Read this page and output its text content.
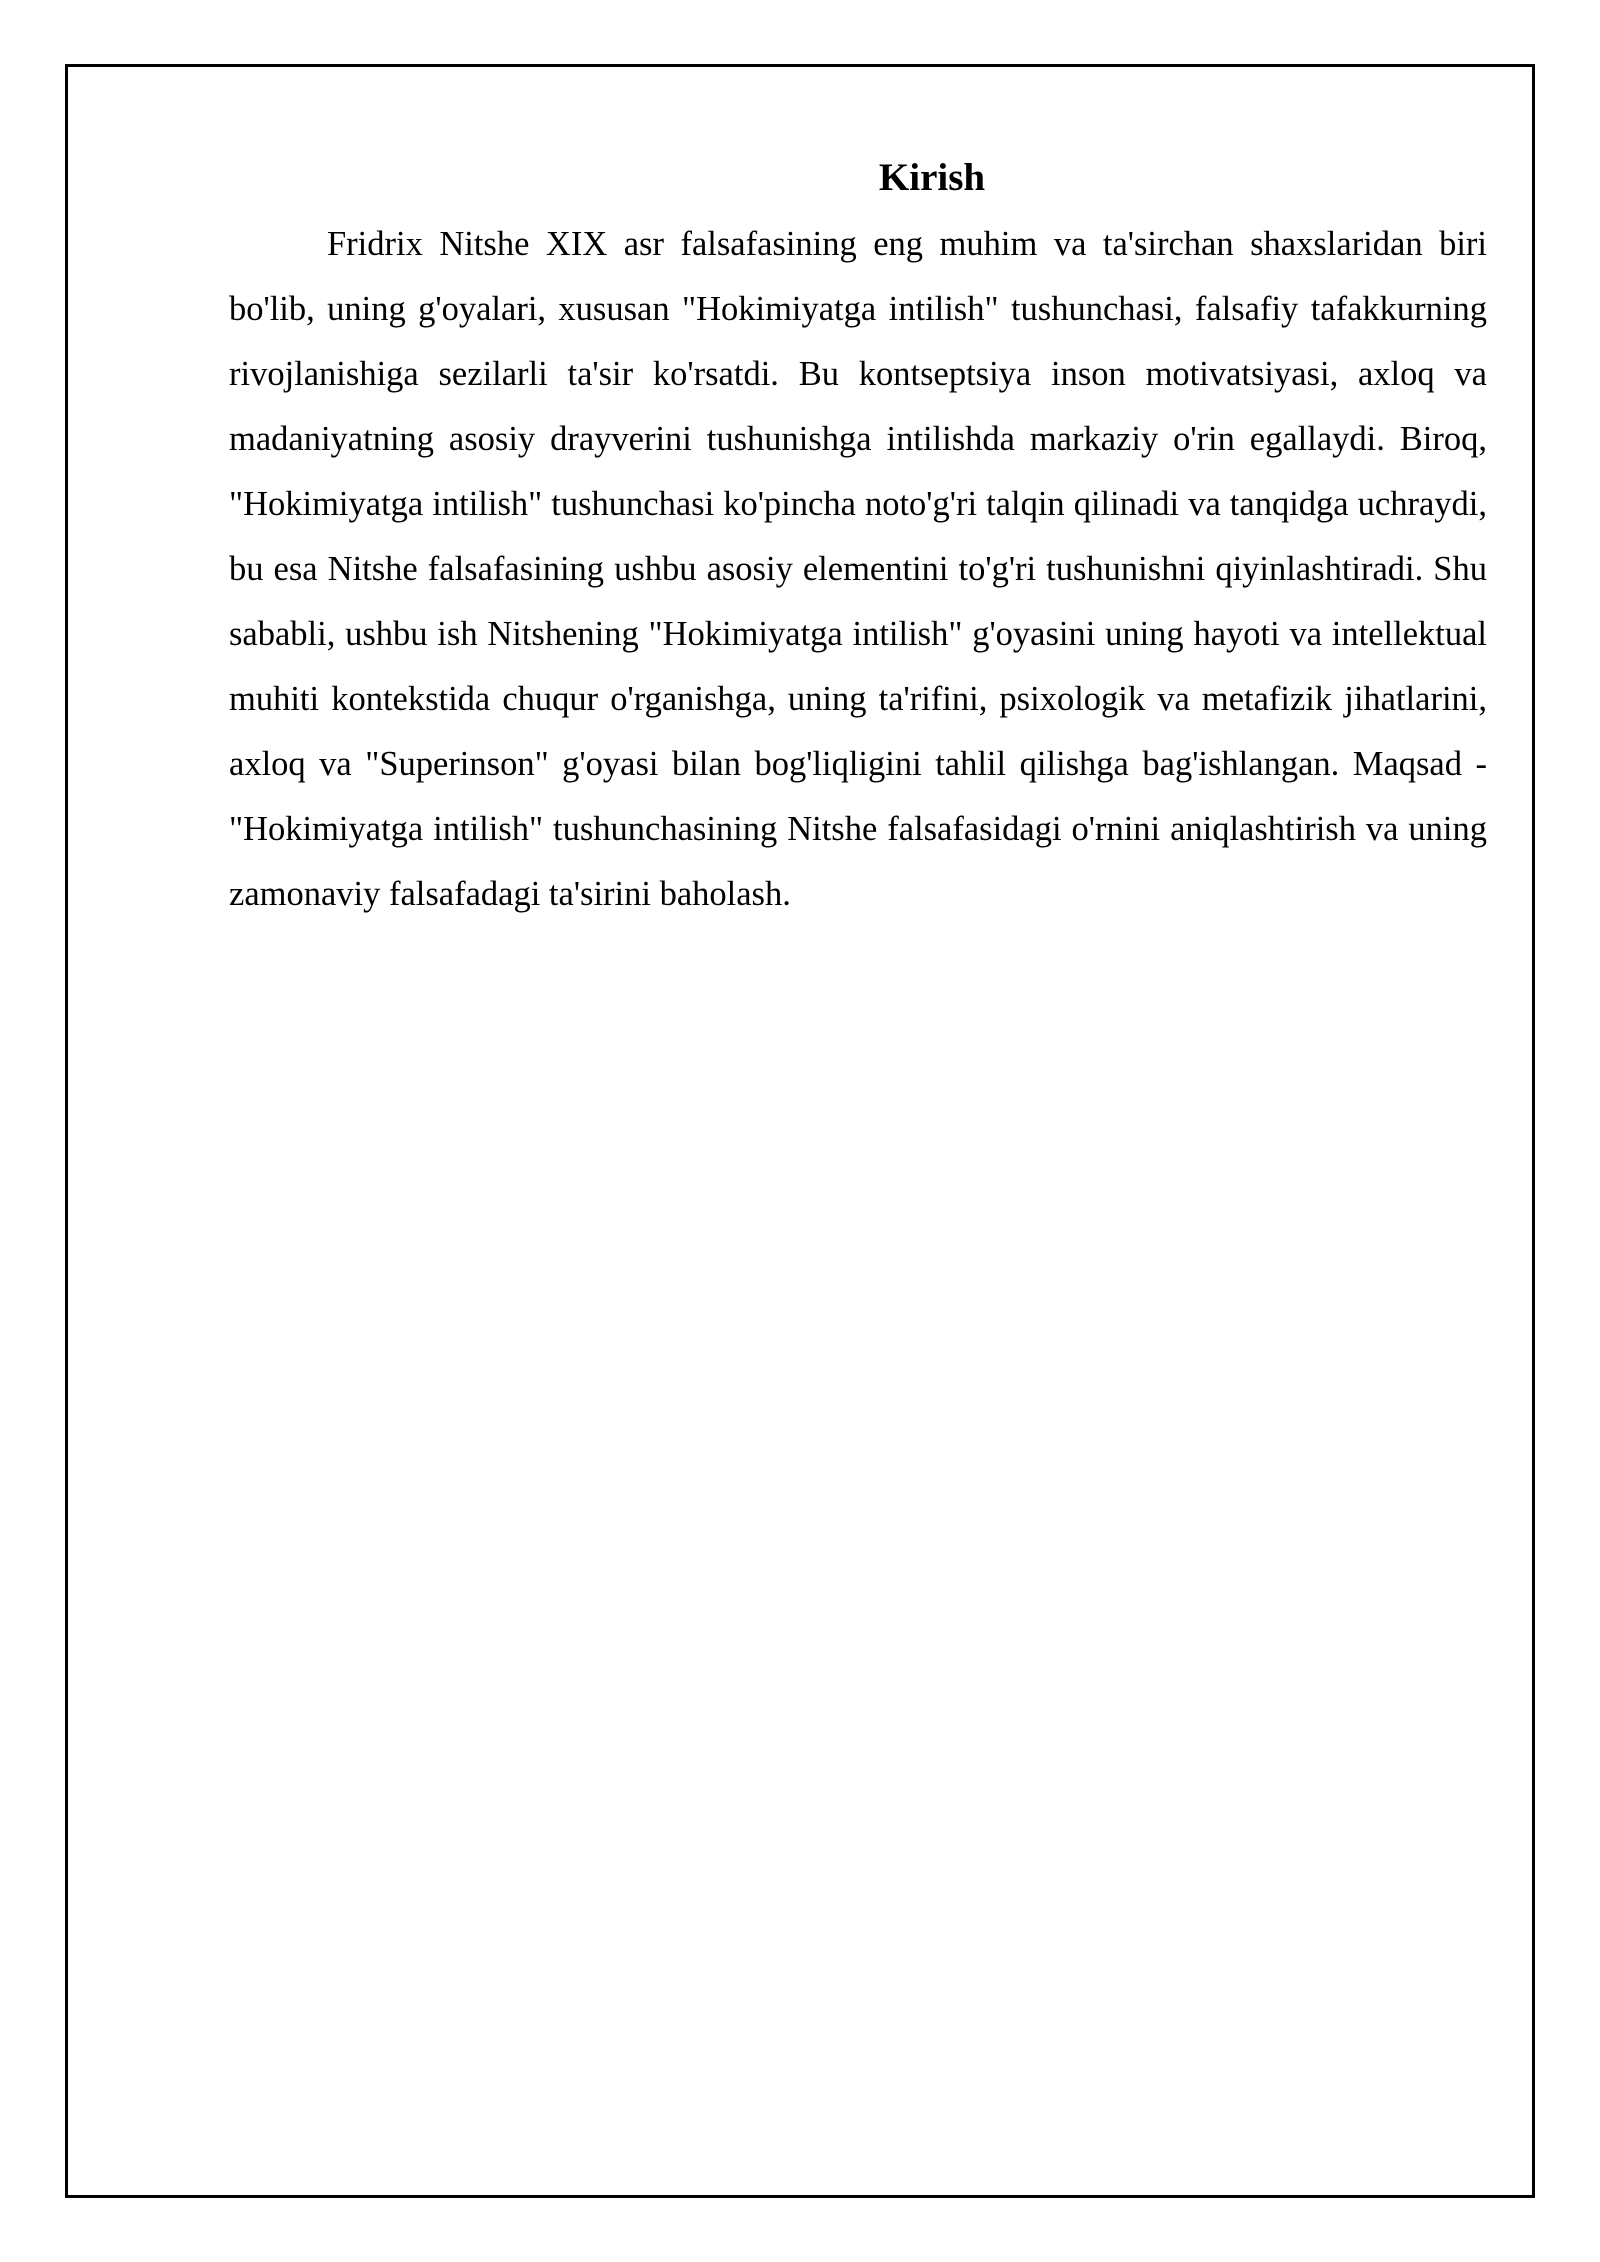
Kirish

Fridrix Nitshe XIX asr falsafasining eng muhim va ta'sirchan shaxslaridan biri bo'lib, uning g'oyalari, xususan "Hokimiyatga intilish" tushunchasi, falsafiy tafakkurning rivojlanishiga sezilarli ta'sir ko'rsatdi. Bu kontseptsiya inson motivatsiyasi, axloq va madaniyatning asosiy drayverini tushunishga intilishda markaziy o'rin egallaydi. Biroq, "Hokimiyatga intilish" tushunchasi ko'pincha noto'g'ri talqin qilinadi va tanqidga uchraydi, bu esa Nitshe falsafasining ushbu asosiy elementini to'g'ri tushunishni qiyinlashtiradi. Shu sababli, ushbu ish Nitshening "Hokimiyatga intilish" g'oyasini uning hayoti va intellektual muhiti kontekstida chuqur o'rganishga, uning ta'rifini, psixologik va metafizik jihatlarini, axloq va "Superinson" g'oyasi bilan bog'liqligini tahlil qilishga bag'ishlangan. Maqsad - "Hokimiyatga intilish" tushunchasining Nitshe falsafasidagi o'rnini aniqlashtirish va uning zamonaviy falsafadagi ta'sirini baholash.
